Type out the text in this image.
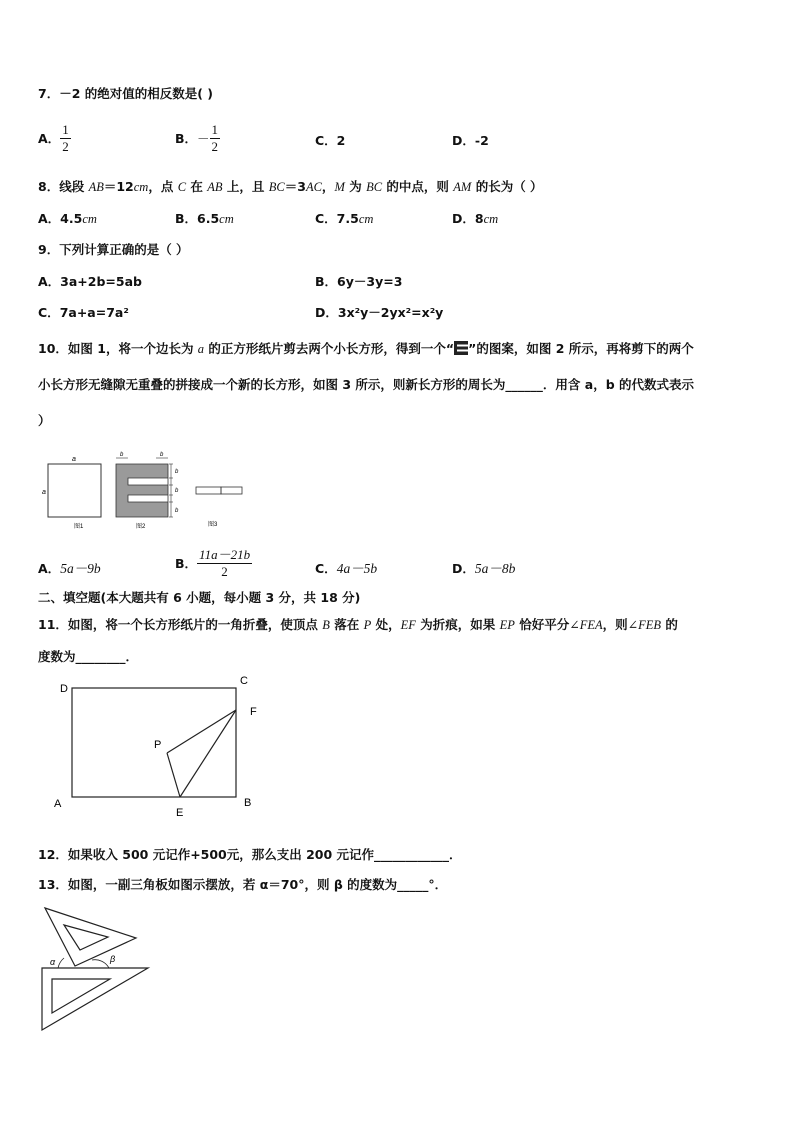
7．－2 的绝对值的相反数是( )
A． $\frac{1}{2}$	B． － $\frac{1}{2}$	C．2	D．-2
8．线段 AB＝12cm，点 C 在 AB 上，且 BC＝3AC，M 为 BC 的中点，则 AM 的长为（ ）
A．4.5cm	B．6.5cm	C．7.5cm	D．8cm
9．下列计算正确的是（ ）
A．3a+2b=5ab	B．6y－3y=3
C．7a+a=7a²	D．3x²y－2yx²=x²y
10．如图 1，将一个边长为 a 的正方形纸片剪去两个小长方形，得到一个“ ”的图案，如图 2 所示，再将剪下的两个
小长方形无缝隙无重叠的拼接成一个新的长方形，如图 3 所示，则新长方形的周长为______．用含 a，b 的代数式表示
）
a
a
图1
b	b
b
b
b
图2	图3
A．5a－9b	B． $\frac{11a-21b}{2}$	C．4a－5b	D．5a－8b
二、填空题(本大题共有 6 小题，每小题 3 分，共 18 分)
11．如图，将一个长方形纸片的一角折叠，使顶点 B 落在 P 处，EF 为折痕，如果 EP 恰好平分∠FEA，则∠FEB 的
度数为________．
D
C
F
P
A
E
B
12．如果收入 500 元记作+500元，那么支出 200 元记作____________．
13．如图，一副三角板如图示摆放，若 α＝70°，则 β 的度数为_____°．
α	β
